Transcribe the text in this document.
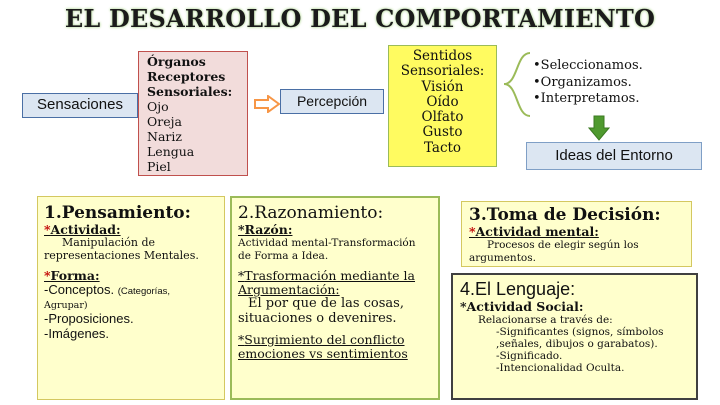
EL DESARROLLO DEL COMPORTAMIENTO
Sensaciones
Órganos
Receptores
Sensoriales:
Ojo
Oreja
Nariz
Lengua
Piel
Percepción
Sentidos
Sensoriales:
Visión
Oído
Olfato
Gusto
Tacto
•Seleccionamos.
•Organizamos.
•Interpretamos.
Ideas del Entorno
1.Pensamiento:
*Actividad:
Manipulación de
representaciones Mentales.
*Forma:
-Conceptos. (Categorías,
Agrupar)
-Proposiciones.
-Imágenes.
2.Razonamiento:
*Razón:
Actividad mental-Transformación
de Forma a Idea.
*Trasformación mediante la
Argumentación:
El por que de las cosas,
situaciones o devenires.
*Surgimiento del conflicto
emociones vs sentimientos
3.Toma de Decisión:
*Actividad mental:
Procesos de elegir según los
argumentos.
4.El Lenguaje:
*Actividad Social:
Relacionarse a través de:
-Significantes (signos, símbolos
,señales, dibujos o garabatos).
-Significado.
-Intencionalidad Oculta.
